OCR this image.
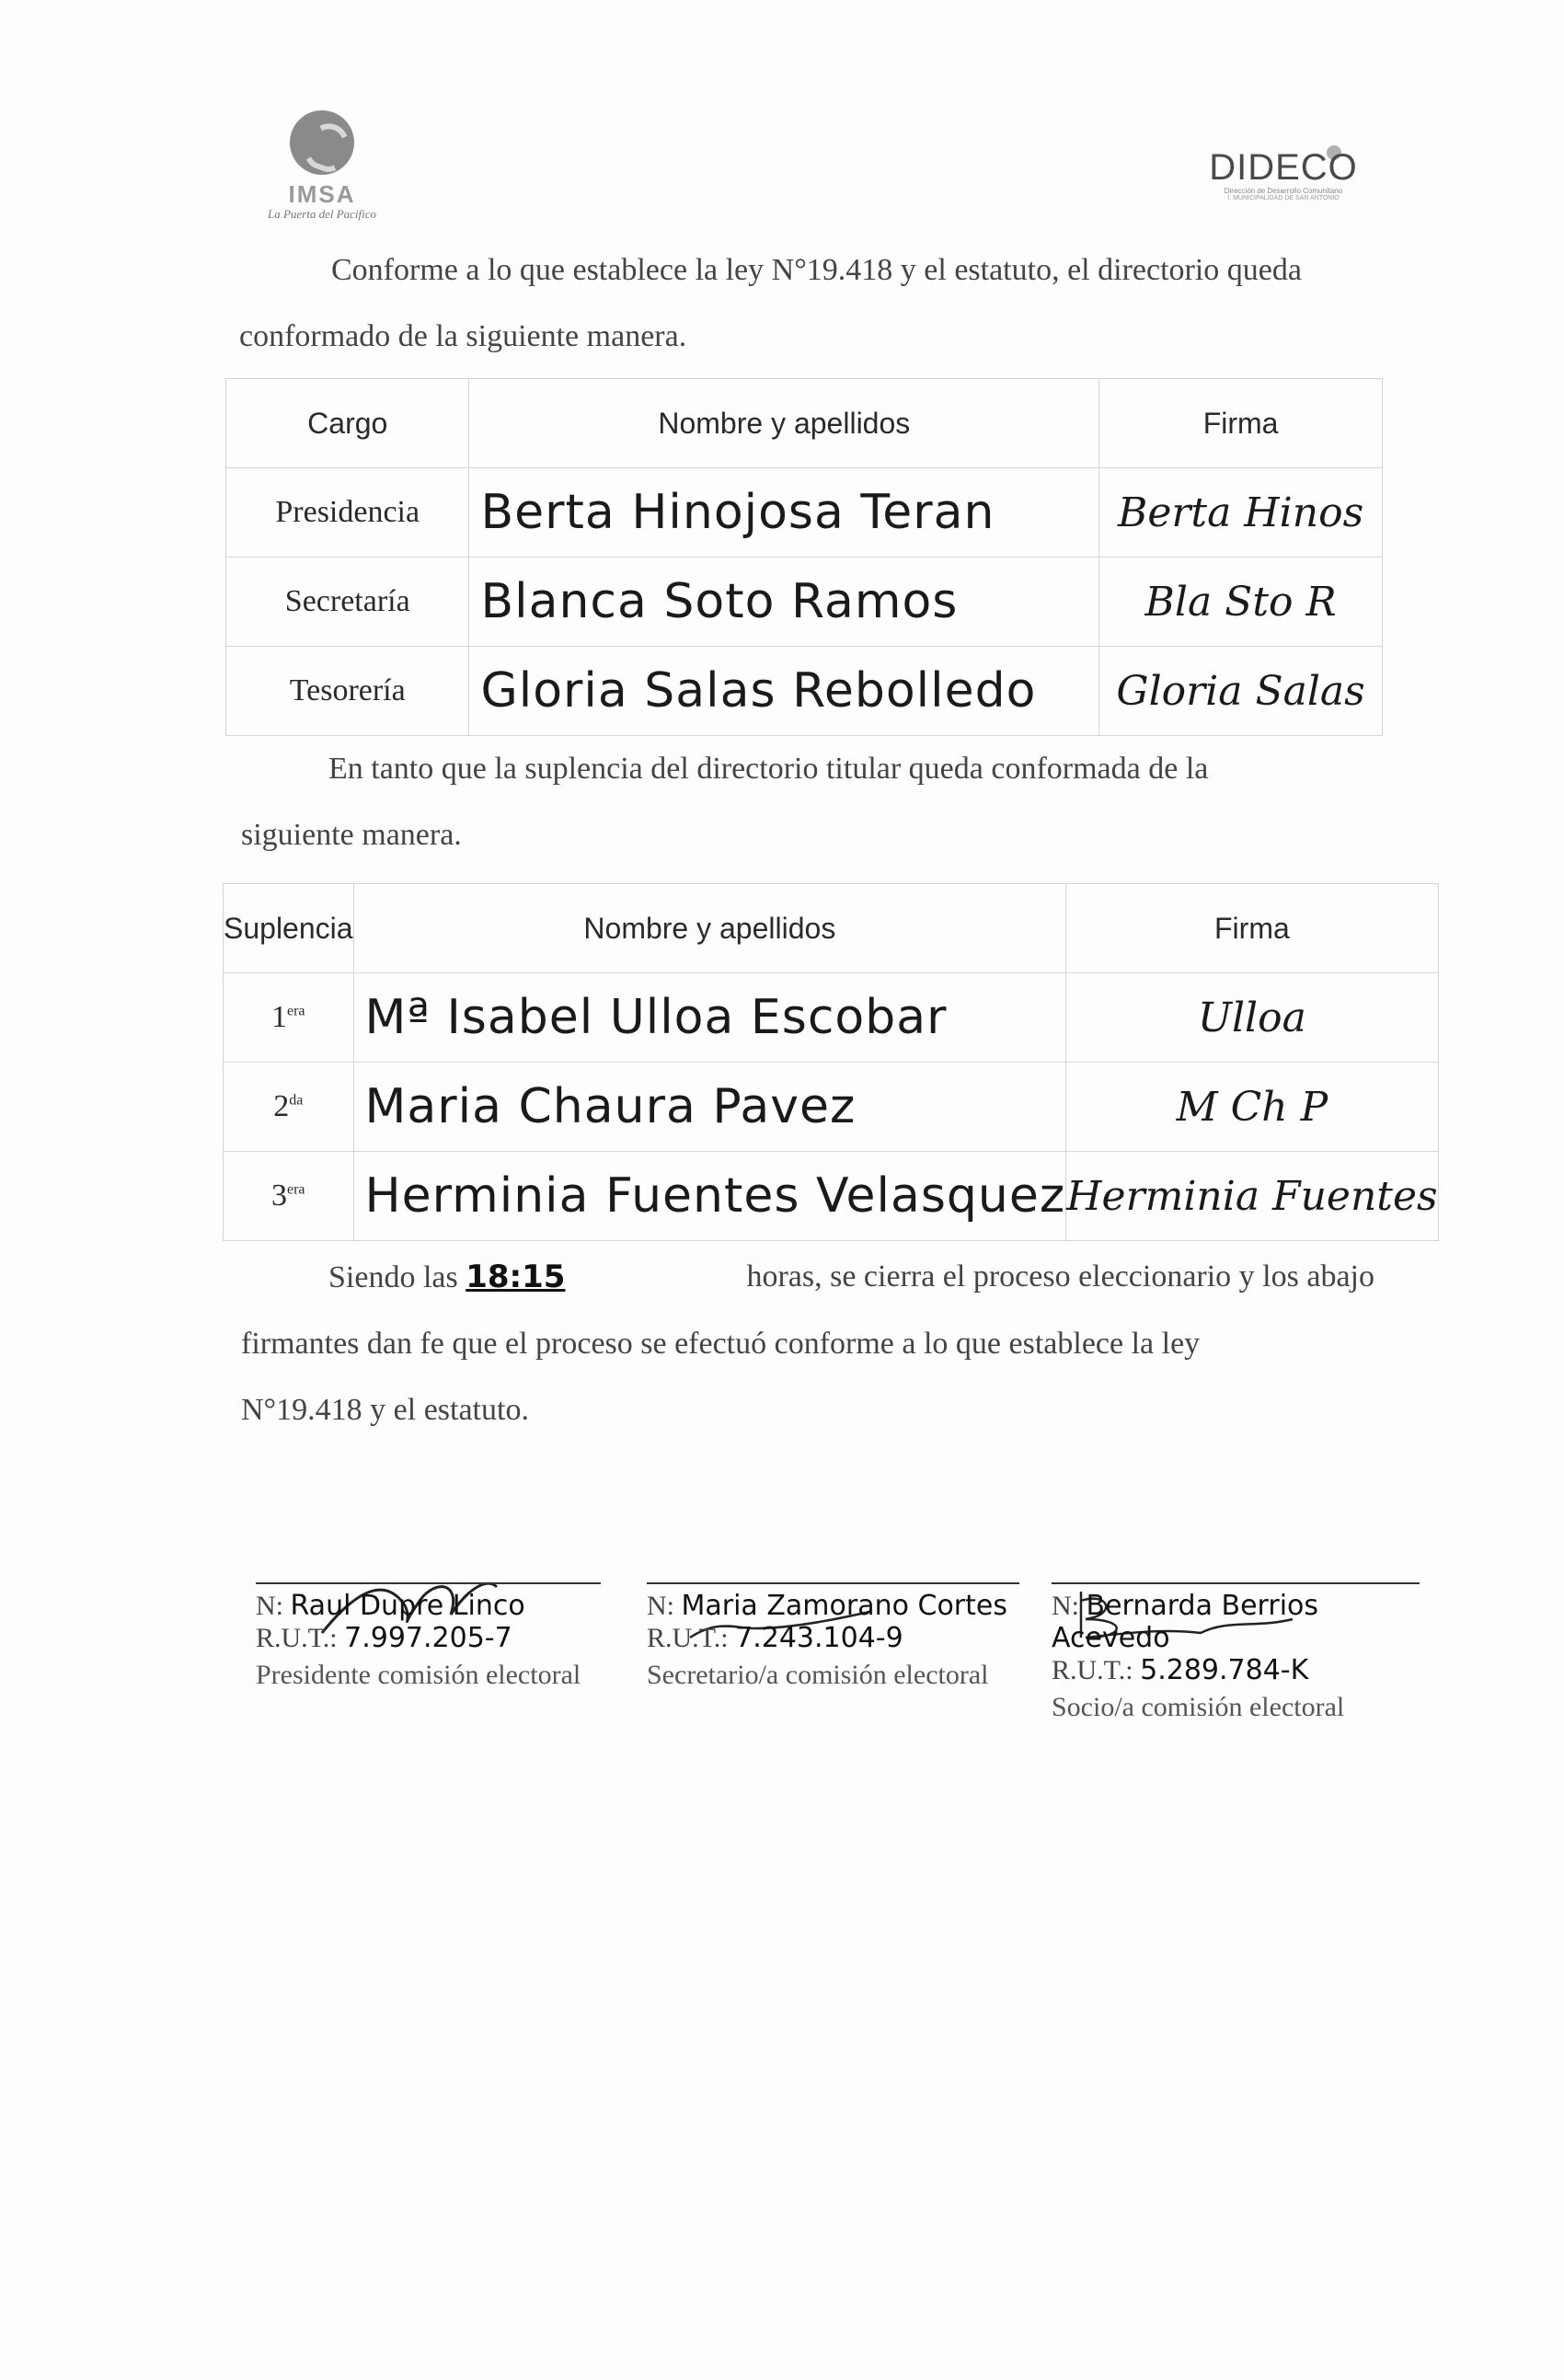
IMSA
La Puerta del Pacifico
DIDECO
Dirección de Desarrollo Comunitario
I. MUNICIPALIDAD DE SAN ANTONIO
Conforme a lo que establece la ley N°19.418 y el estatuto, el directorio queda
conformado de la siguiente manera.
Cargo	Nombre y apellidos	Firma
Presidencia	Berta Hinojosa Teran	Berta Hinos
Secretaría	Blanca Soto Ramos	Bla Sto R
Tesorería	Gloria Salas Rebolledo	Gloria Salas
En tanto que la suplencia del directorio titular queda conformada de la
siguiente manera.
Suplencia	Nombre y apellidos	Firma
$1^{era}$	Mª Isabel Ulloa Escobar	Ulloa
$2^{da}$	Maria Chaura Pavez	M Ch P
$3^{era}$	Herminia Fuentes Velasquez	Herminia Fuentes
Siendo las 18:15	horas, se cierra el proceso eleccionario y los abajo
firmantes dan fe que el proceso se efectuó conforme a lo que establece la ley
N°19.418 y el estatuto.
N: Raul Dupre Linco
R.U.T.: 7.997.205-7
Presidente comisión electoral
N: Maria Zamorano Cortes
R.U.T.: 7.243.104-9
Secretario/a comisión electoral
N: Bernarda Berrios Acevedo
R.U.T.: 5.289.784-K
Socio/a comisión electoral
